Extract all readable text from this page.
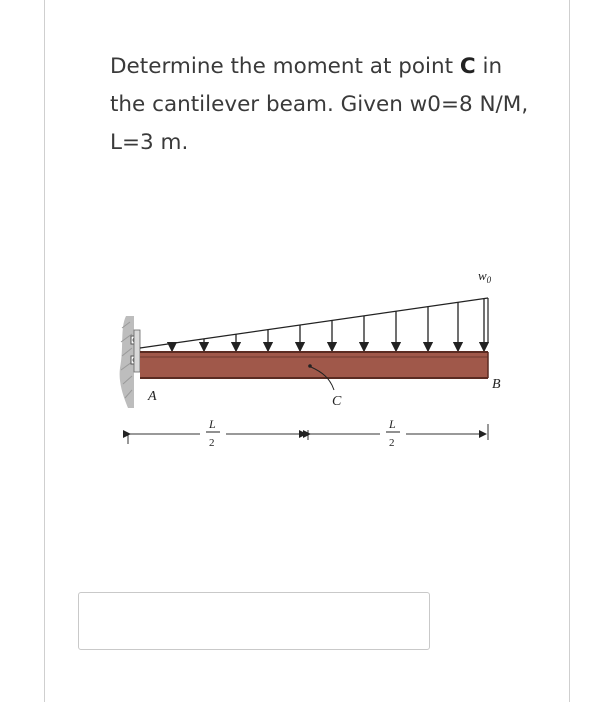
Determine the moment at point C in the cantilever beam. Given w0=8 N/M, L=3 m.
$w_0$
A
B
C
L
2
L
2
